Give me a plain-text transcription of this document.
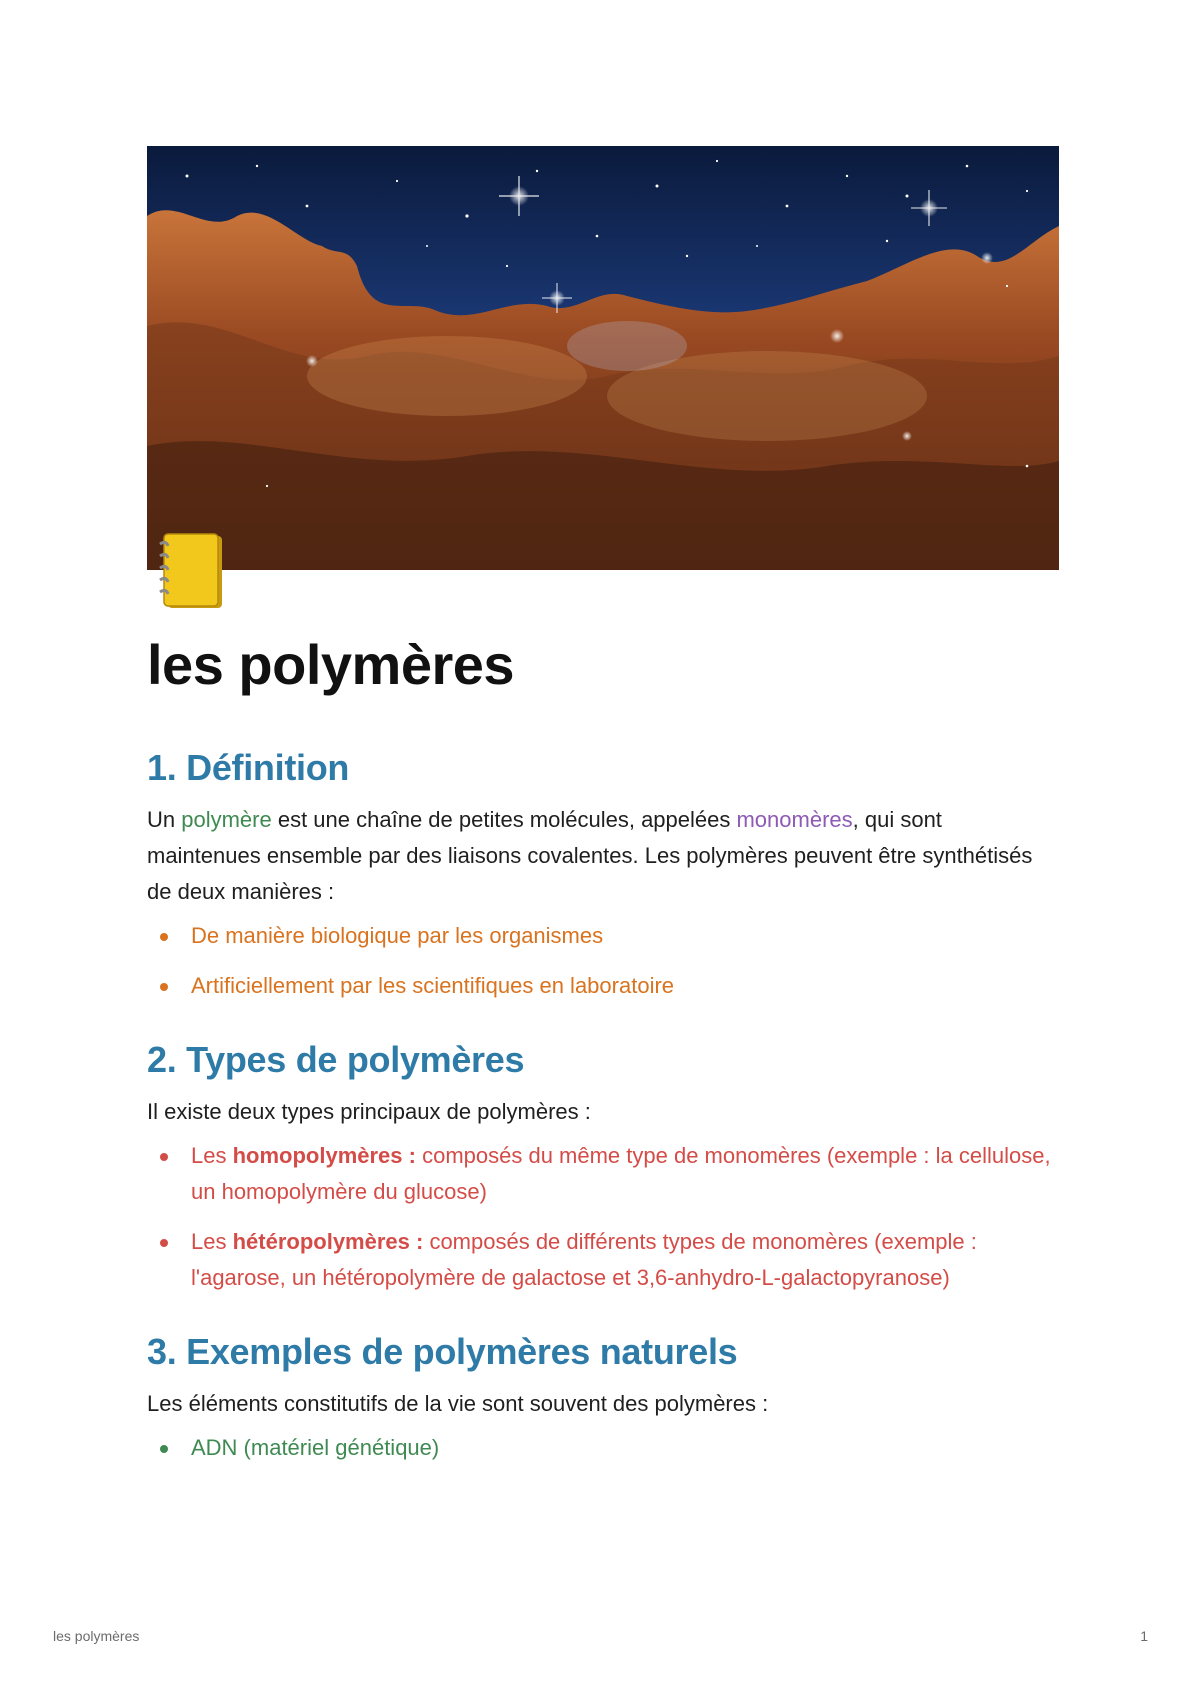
les polymères
1. Définition

Un polymère est une chaîne de petites molécules, appelées monomères, qui sont maintenues ensemble par des liaisons covalentes. Les polymères peuvent être synthétisés de deux manières :

De manière biologique par les organismes
Artificiellement par les scientifiques en laboratoire
2. Types de polymères

Il existe deux types principaux de polymères :

Les homopolymères : composés du même type de monomères (exemple : la cellulose, un homopolymère du glucose)
Les hétéropolymères : composés de différents types de monomères (exemple : l'agarose, un hétéropolymère de galactose et 3,6-anhydro-L-galactopyranose)
3. Exemples de polymères naturels

Les éléments constitutifs de la vie sont souvent des polymères :

ADN (matériel génétique)
les polymères	1
